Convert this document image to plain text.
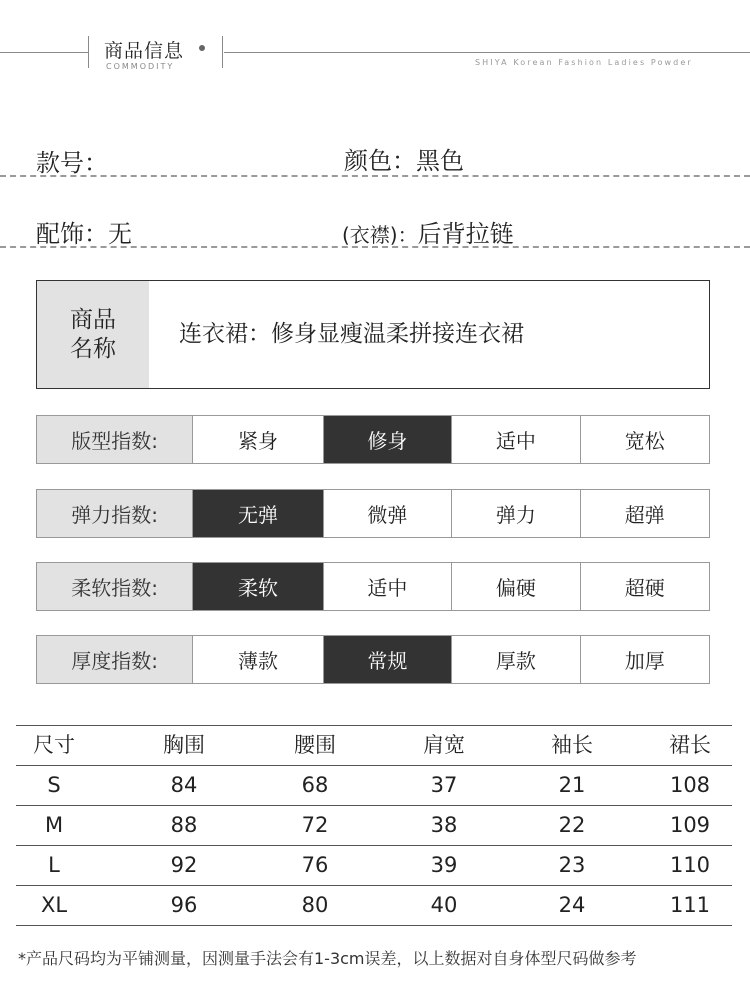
商品信息
COMMODITY	SHIYA Korean Fashion Ladies Powder
款号：	颜色：黑色
配饰：无	(衣襟)：后背拉链
商品
名称
连衣裙：修身显瘦温柔拼接连衣裙
版型指数:	紧身	修身	适中	宽松
弹力指数:	无弹	微弹	弹力	超弹
柔软指数:	柔软	适中	偏硬	超硬
厚度指数:	薄款	常规	厚款	加厚
尺寸	胸围	腰围	肩宽	袖长	裙长
S	84	68	37	21	108
M	88	72	38	22	109
L	92	76	39	23	110
XL	96	80	40	24	111
*产品尺码均为平铺测量，因测量手法会有1-3cm误差，以上数据对自身体型尺码做参考
